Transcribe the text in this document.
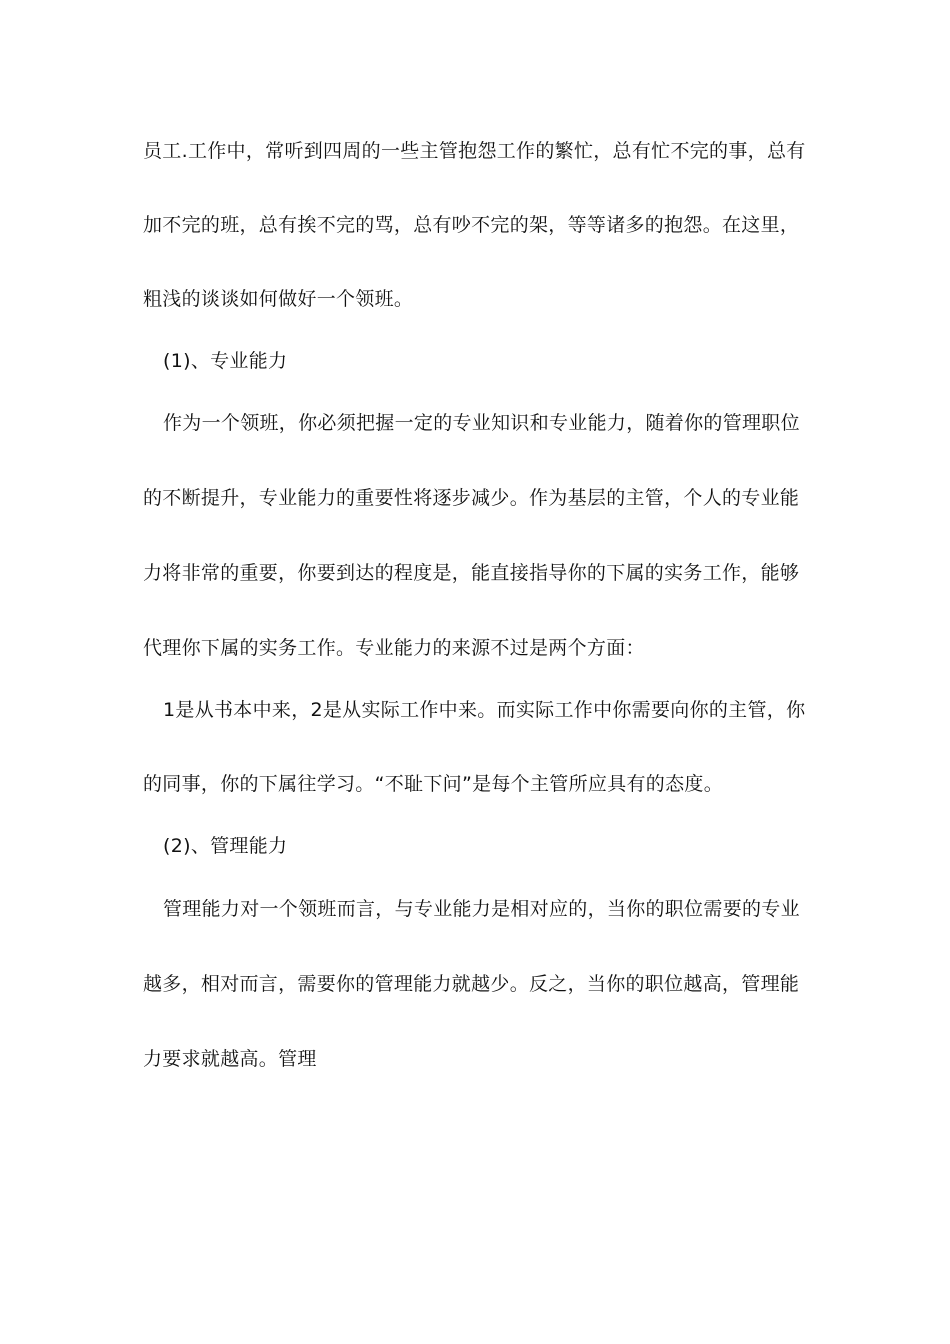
员工.工作中，常听到四周的一些主管抱怨工作的繁忙，总有忙不完的事，总有
加不完的班，总有挨不完的骂，总有吵不完的架，等等诸多的抱怨。在这里，
粗浅的谈谈如何做好一个领班。
(1)、专业能力
作为一个领班，你必须把握一定的专业知识和专业能力，随着你的管理职位
的不断提升，专业能力的重要性将逐步减少。作为基层的主管，个人的专业能
力将非常的重要，你要到达的程度是，能直接指导你的下属的实务工作，能够
代理你下属的实务工作。专业能力的来源不过是两个方面：
1是从书本中来，2是从实际工作中来。而实际工作中你需要向你的主管，你
的同事，你的下属往学习。“不耻下问”是每个主管所应具有的态度。
(2)、管理能力
管理能力对一个领班而言，与专业能力是相对应的，当你的职位需要的专业
越多，相对而言，需要你的管理能力就越少。反之，当你的职位越高，管理能
力要求就越高。管理
